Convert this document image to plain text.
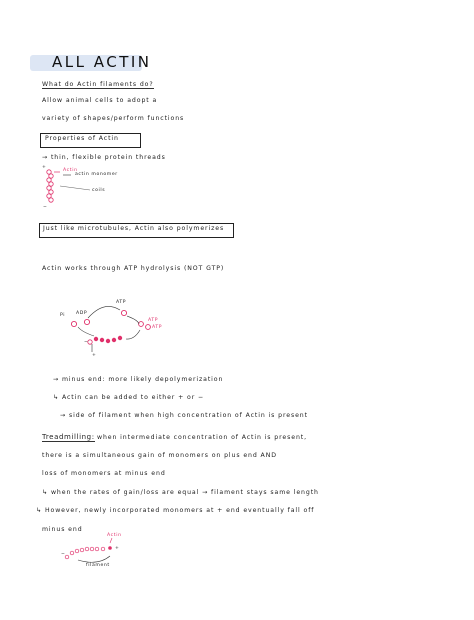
ALL ACTIN
What do Actin filaments do?
Allow animal cells to adopt a
variety of shapes/perform functions
Properties of Actin
→ thin, flexible protein threads
Actin
actin monomer
coils
+
−
Just like microtubules, Actin also polymerizes
Actin works through ATP hydrolysis (NOT GTP)
ADP
Pi
ATP
ATP
ATP
−
+
→ minus end: more likely depolymerization
↳ Actin can be added to either + or −
→ side of filament when high concentration of Actin is present
Treadmilling: when intermediate concentration of Actin is present,
there is a simultaneous gain of monomers on plus end AND
loss of monomers at minus end
↳ when the rates of gain/loss are equal → filament stays same length
↳ However, newly incorporated monomers at + end eventually fall off
minus end
Actin
filament
−
+
